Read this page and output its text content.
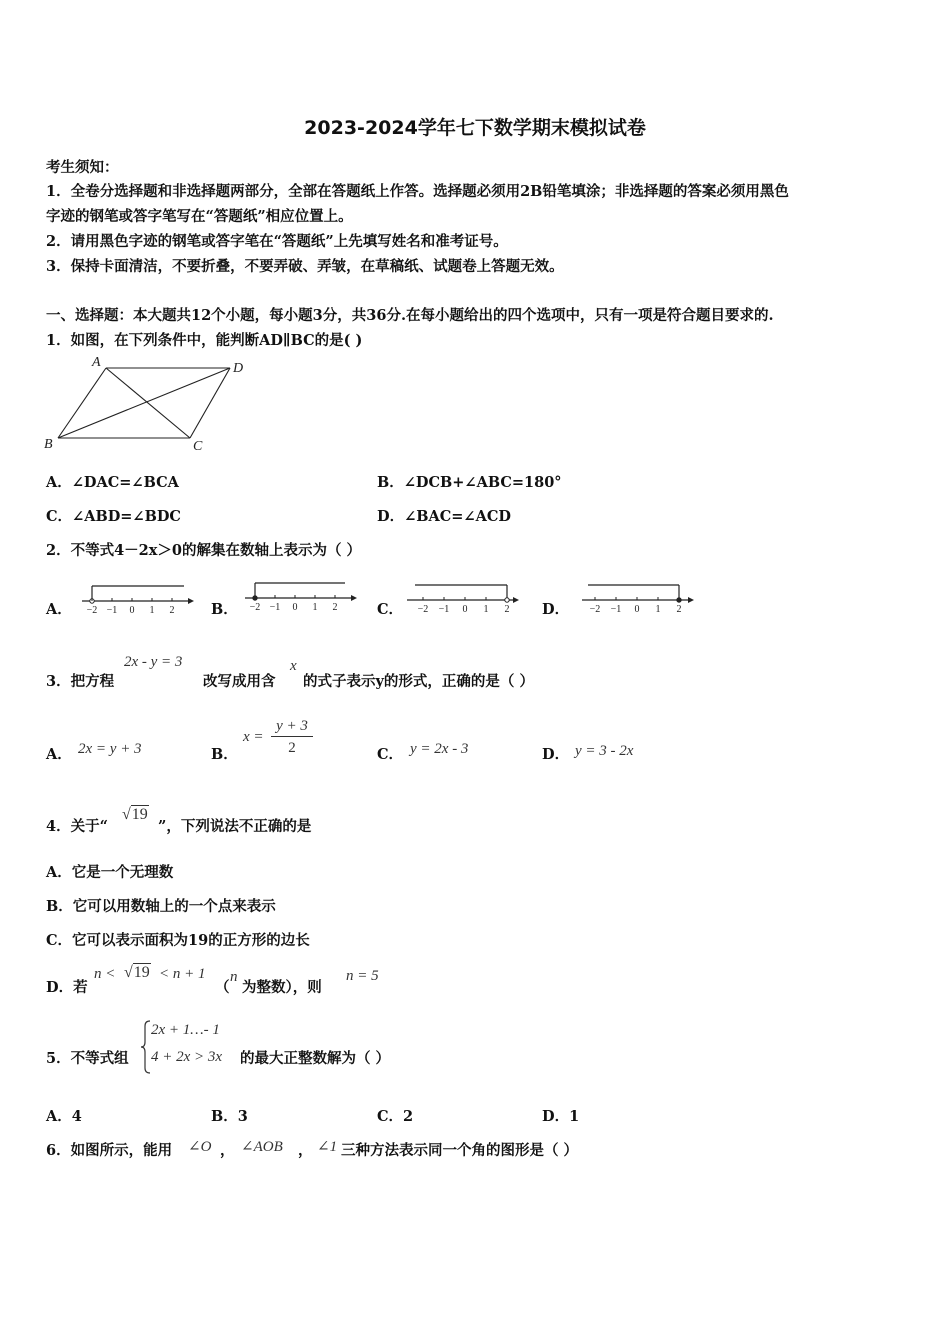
2023-2024学年七下数学期末模拟试卷
考生须知：
1．全卷分选择题和非选择题两部分，全部在答题纸上作答。选择题必须用2B铅笔填涂；非选择题的答案必须用黑色
字迹的钢笔或答字笔写在“答题纸”相应位置上。
2．请用黑色字迹的钢笔或答字笔在“答题纸”上先填写姓名和准考证号。
3．保持卡面清洁，不要折叠，不要弄破、弄皱，在草稿纸、试题卷上答题无效。
一、选择题：本大题共12个小题，每小题3分，共36分.在每小题给出的四个选项中，只有一项是符合题目要求的.
1．如图，在下列条件中，能判断AD∥BC的是( )
A	D
B	C
A．∠DAC=∠BCA	B．∠DCB+∠ABC=180°
C．∠ABD=∠BDC	D．∠BAC=∠ACD
2．不等式4－2x＞0的解集在数轴上表示为（ ）
A． −2 −1 0 1 2	B． −2 −1 0 1 2	C． −2 −1 0 1 2 D． −2 −1 0 1 2
3．把方程
2x - y = 3
改写成用含
x
的式子表示y的形式，正确的是（ ）
A． 2x = y + 3	B．
$x = \frac{y + 3}{2}$	C． y = 2x - 3	D． y = 3 - 2x
4．关于“
√19
”，下列说法不正确的是
A．它是一个无理数
B．它可以用数轴上的一个点来表示
C．它可以表示面积为19的正方形的边长
D．若
n < √19 < n + 1
（
n
为整数），则
n = 5
5．不等式组
2x + 1…- 1
4 + 2x > 3x 的最大正整数解为（ ）
A．4	B．3	C．2	D．1
6．如图所示，能用 ∠O ， ∠AOB ， ∠1 三种方法表示同一个角的图形是（ ）
